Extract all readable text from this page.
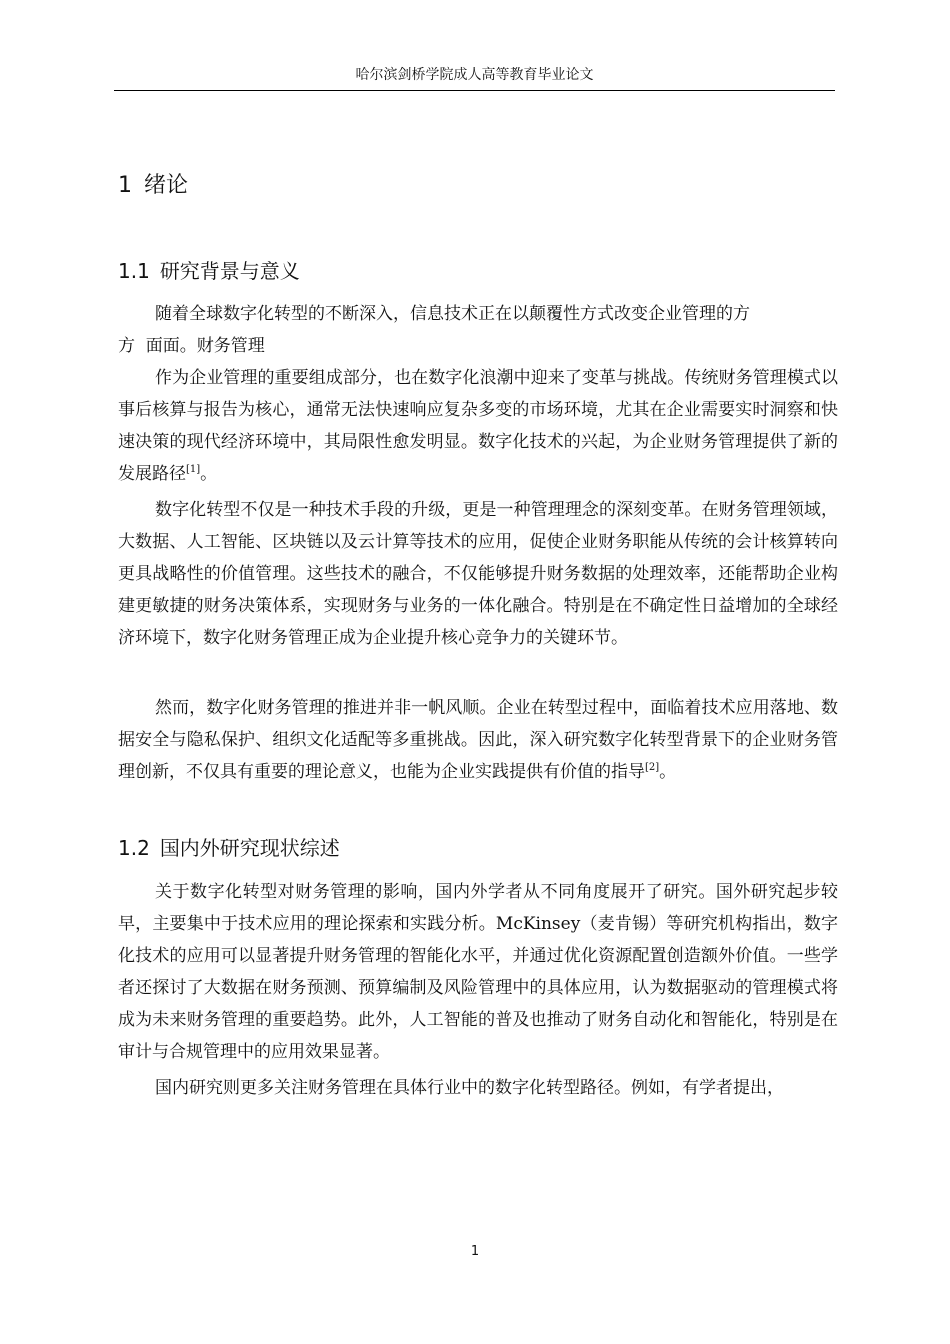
哈尔滨剑桥学院成人高等教育毕业论文
1 绪论
1.1 研究背景与意义

随着全球数字化转型的不断深入，信息技术正在以颠覆性方式改变企业管理的方

方  面面。财务管理

作为企业管理的重要组成部分，也在数字化浪潮中迎来了变革与挑战。传统财务管理模式以事后核算与报告为核心，通常无法快速响应复杂多变的市场环境，尤其在企业需要实时洞察和快速决策的现代经济环境中，其局限性愈发明显。数字化技术的兴起，为企业财务管理提供了新的发展路径[1]。

数字化转型不仅是一种技术手段的升级，更是一种管理理念的深刻变革。在财务管理领域，大数据、人工智能、区块链以及云计算等技术的应用，促使企业财务职能从传统的会计核算转向更具战略性的价值管理。这些技术的融合，不仅能够提升财务数据的处理效率，还能帮助企业构建更敏捷的财务决策体系，实现财务与业务的一体化融合。特别是在不确定性日益增加的全球经济环境下，数字化财务管理正成为企业提升核心竞争力的关键环节。

然而，数字化财务管理的推进并非一帆风顺。企业在转型过程中，面临着技术应用落地、数据安全与隐私保护、组织文化适配等多重挑战。因此，深入研究数字化转型背景下的企业财务管理创新，不仅具有重要的理论意义，也能为企业实践提供有价值的指导[2]。

1.2 国内外研究现状综述

关于数字化转型对财务管理的影响，国内外学者从不同角度展开了研究。国外研究起步较早，主要集中于技术应用的理论探索和实践分析。McKinsey（麦肯锡）等研究机构指出，数字化技术的应用可以显著提升财务管理的智能化水平，并通过优化资源配置创造额外价值。一些学者还探讨了大数据在财务预测、预算编制及风险管理中的具体应用，认为数据驱动的管理模式将成为未来财务管理的重要趋势。此外，人工智能的普及也推动了财务自动化和智能化，特别是在审计与合规管理中的应用效果显著。

国内研究则更多关注财务管理在具体行业中的数字化转型路径。例如，有学者提出，

1
